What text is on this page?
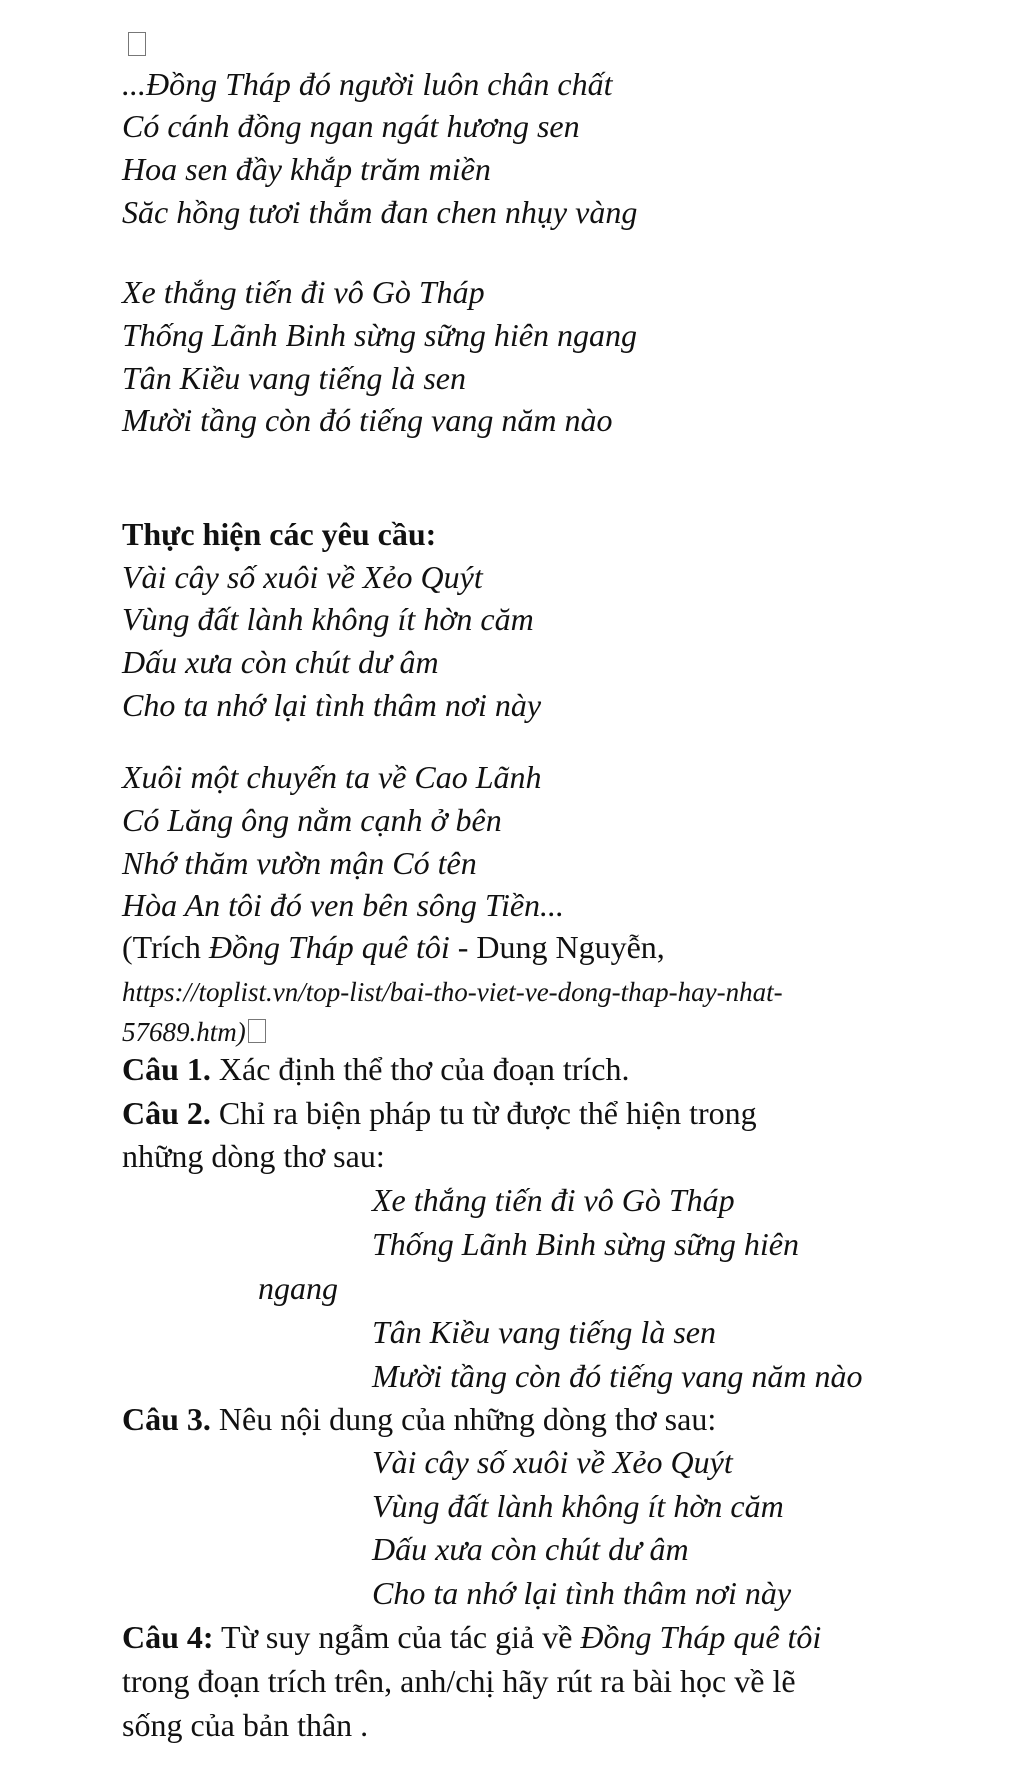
...Đồng Tháp đó người luôn chân chất
Có cánh đồng ngan ngát hương sen
Hoa sen đầy khắp trăm miền
Săc hồng tươi thắm đan chen nhụy vàng
Xe thắng tiến đi vô Gò Tháp
Thống Lãnh Binh sừng sững hiên ngang
Tân Kiều vang tiếng là sen
Mười tầng còn đó tiếng vang năm nào
Thực hiện các yêu cầu:
Vài cây số xuôi về Xẻo Quýt
Vùng đất lành không ít hờn căm
Dấu xưa còn chút dư âm
Cho ta nhớ lại tình thâm nơi này
Xuôi một chuyến ta về Cao Lãnh
Có Lăng ông nằm cạnh ở bên
Nhớ thăm vườn mận Có tên
Hòa An tôi đó ven bên sông Tiền...
(Trích Đồng Tháp quê tôi - Dung Nguyễn,
https://toplist.vn/top-list/bai-tho-viet-ve-dong-thap-hay-nhat-
57689.htm)
Câu 1. Xác định thể thơ của đoạn trích.
Câu 2. Chỉ ra biện pháp tu từ được thể hiện trong
những dòng thơ sau:
Xe thắng tiến đi vô Gò Tháp
Thống Lãnh Binh sừng sững hiên
ngang
Tân Kiều vang tiếng là sen
Mười tầng còn đó tiếng vang năm nào
Câu 3. Nêu nội dung của những dòng thơ sau:
Vài cây số xuôi về Xẻo Quýt
Vùng đất lành không ít hờn căm
Dấu xưa còn chút dư âm
Cho ta nhớ lại tình thâm nơi này
Câu 4: Từ suy ngẫm của tác giả về Đồng Tháp quê tôi
trong đoạn trích trên, anh/chị hãy rút ra bài học về lẽ
sống của bản thân .
